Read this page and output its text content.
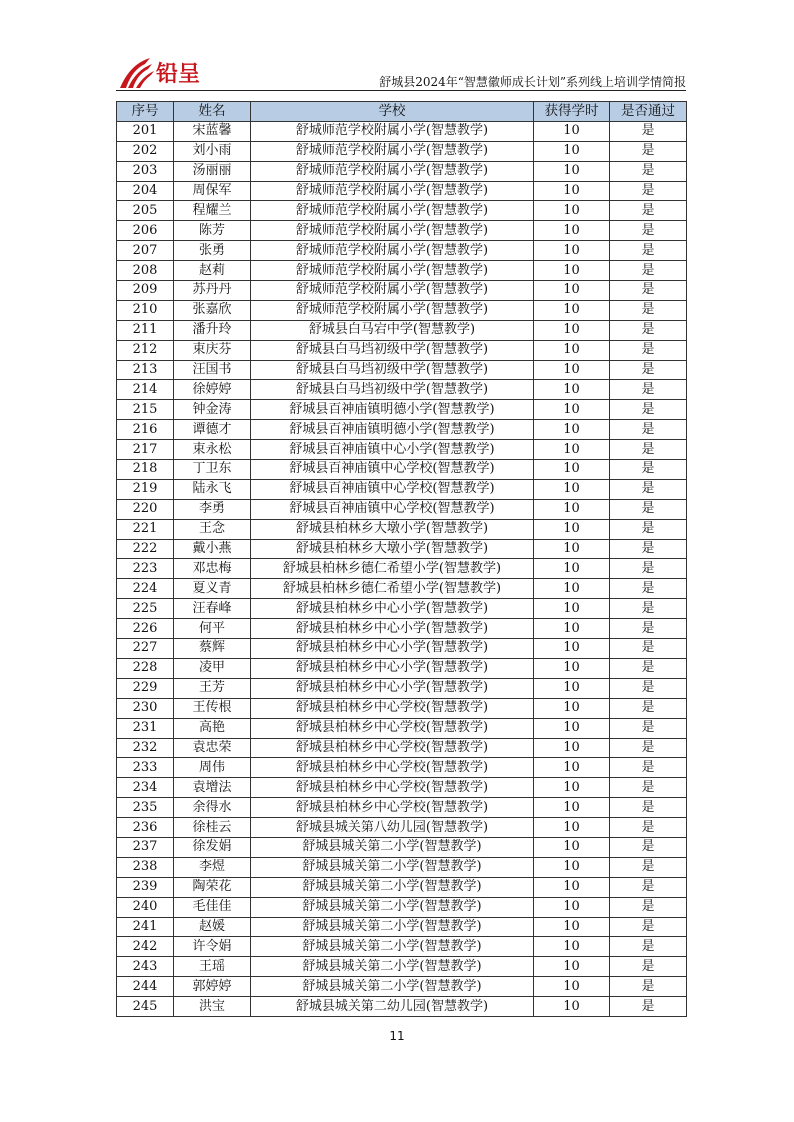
铅呈	舒城县2024年“智慧徽师成长计划”系列线上培训学情简报
序号	姓名	学校	获得学时	是否通过
201	宋蓝馨	舒城师范学校附属小学(智慧教学)	10	是
202	刘小雨	舒城师范学校附属小学(智慧教学)	10	是
203	汤丽丽	舒城师范学校附属小学(智慧教学)	10	是
204	周保军	舒城师范学校附属小学(智慧教学)	10	是
205	程耀兰	舒城师范学校附属小学(智慧教学)	10	是
206	陈芳	舒城师范学校附属小学(智慧教学)	10	是
207	张勇	舒城师范学校附属小学(智慧教学)	10	是
208	赵莉	舒城师范学校附属小学(智慧教学)	10	是
209	苏丹丹	舒城师范学校附属小学(智慧教学)	10	是
210	张嘉欣	舒城师范学校附属小学(智慧教学)	10	是
211	潘升玲	舒城县白马宕中学(智慧教学)	10	是
212	束庆芬	舒城县白马垱初级中学(智慧教学)	10	是
213	汪国书	舒城县白马垱初级中学(智慧教学)	10	是
214	徐婷婷	舒城县白马垱初级中学(智慧教学)	10	是
215	钟金涛	舒城县百神庙镇明德小学(智慧教学)	10	是
216	谭德才	舒城县百神庙镇明德小学(智慧教学)	10	是
217	束永松	舒城县百神庙镇中心小学(智慧教学)	10	是
218	丁卫东	舒城县百神庙镇中心学校(智慧教学)	10	是
219	陆永飞	舒城县百神庙镇中心学校(智慧教学)	10	是
220	李勇	舒城县百神庙镇中心学校(智慧教学)	10	是
221	王念	舒城县柏林乡大墩小学(智慧教学)	10	是
222	戴小燕	舒城县柏林乡大墩小学(智慧教学)	10	是
223	邓忠梅	舒城县柏林乡德仁希望小学(智慧教学)	10	是
224	夏义青	舒城县柏林乡德仁希望小学(智慧教学)	10	是
225	汪春峰	舒城县柏林乡中心小学(智慧教学)	10	是
226	何平	舒城县柏林乡中心小学(智慧教学)	10	是
227	蔡辉	舒城县柏林乡中心小学(智慧教学)	10	是
228	凌甲	舒城县柏林乡中心小学(智慧教学)	10	是
229	王芳	舒城县柏林乡中心小学(智慧教学)	10	是
230	王传根	舒城县柏林乡中心学校(智慧教学)	10	是
231	高艳	舒城县柏林乡中心学校(智慧教学)	10	是
232	袁忠荣	舒城县柏林乡中心学校(智慧教学)	10	是
233	周伟	舒城县柏林乡中心学校(智慧教学)	10	是
234	袁增法	舒城县柏林乡中心学校(智慧教学)	10	是
235	余得水	舒城县柏林乡中心学校(智慧教学)	10	是
236	徐桂云	舒城县城关第八幼儿园(智慧教学)	10	是
237	徐发娟	舒城县城关第二小学(智慧教学)	10	是
238	李煜	舒城县城关第二小学(智慧教学)	10	是
239	陶荣花	舒城县城关第二小学(智慧教学)	10	是
240	毛佳佳	舒城县城关第二小学(智慧教学)	10	是
241	赵媛	舒城县城关第二小学(智慧教学)	10	是
242	许令娟	舒城县城关第二小学(智慧教学)	10	是
243	王瑶	舒城县城关第二小学(智慧教学)	10	是
244	郭婷婷	舒城县城关第二小学(智慧教学)	10	是
245	洪宝	舒城县城关第二幼儿园(智慧教学)	10	是
11
